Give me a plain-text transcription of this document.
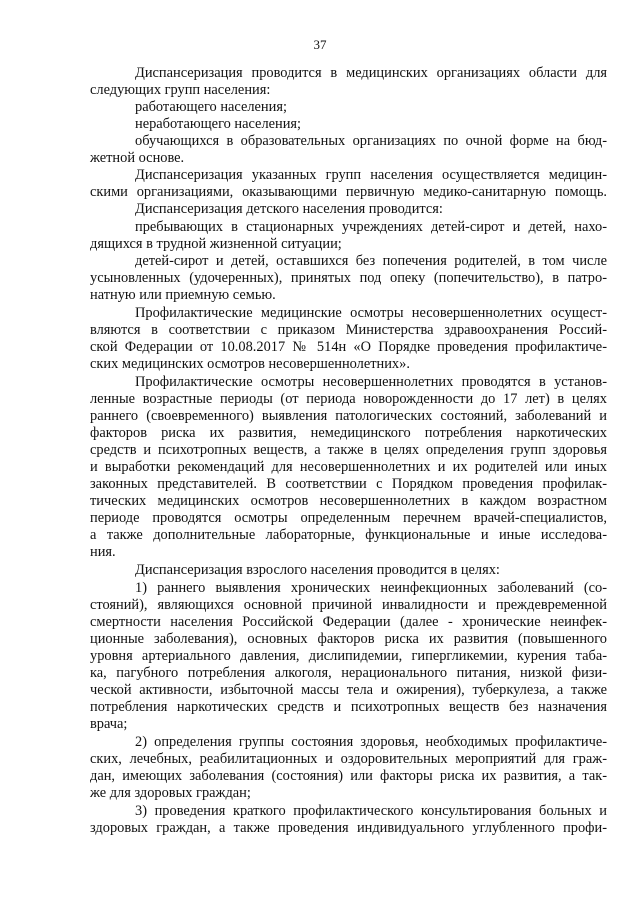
37
Диспансеризация проводится в медицинских организациях области для
следующих групп населения:
работающего населения;
неработающего населения;
обучающихся в образовательных организациях по очной форме на бюд-
жетной основе.
Диспансеризация указанных групп населения осуществляется медицин-
скими организациями, оказывающими первичную медико-санитарную помощь.
Диспансеризация детского населения проводится:
пребывающих в стационарных учреждениях детей-сирот и детей, нахо-
дящихся в трудной жизненной ситуации;
детей-сирот и детей, оставшихся без попечения родителей, в том числе
усыновленных (удочеренных), принятых под опеку (попечительство), в патро-
натную или приемную семью.
Профилактические медицинские осмотры несовершеннолетних осущест-
вляются в соответствии с приказом Министерства здравоохранения Россий-
ской Федерации от 10.08.2017 № 514н «О Порядке проведения профилактиче-
ских медицинских осмотров несовершеннолетних».
Профилактические осмотры несовершеннолетних проводятся в установ-
ленные возрастные периоды (от периода новорожденности до 17 лет) в целях
раннего (своевременного) выявления патологических состояний, заболеваний и
факторов риска их развития, немедицинского потребления наркотических
средств и психотропных веществ, а также в целях определения групп здоровья
и выработки рекомендаций для несовершеннолетних и их родителей или иных
законных представителей. В соответствии с Порядком проведения профилак-
тических медицинских осмотров несовершеннолетних в каждом возрастном
периоде проводятся осмотры определенным перечнем врачей-специалистов,
а также дополнительные лабораторные, функциональные и иные исследова-
ния.
Диспансеризация взрослого населения проводится в целях:
1) раннего выявления хронических неинфекционных заболеваний (со-
стояний), являющихся основной причиной инвалидности и преждевременной
смертности населения Российской Федерации (далее - хронические неинфек-
ционные заболевания), основных факторов риска их развития (повышенного
уровня артериального давления, дислипидемии, гипергликемии, курения таба-
ка, пагубного потребления алкоголя, нерационального питания, низкой физи-
ческой активности, избыточной массы тела и ожирения), туберкулеза, а также
потребления наркотических средств и психотропных веществ без назначения
врача;
2) определения группы состояния здоровья, необходимых профилактиче-
ских, лечебных, реабилитационных и оздоровительных мероприятий для граж-
дан, имеющих заболевания (состояния) или факторы риска их развития, а так-
же для здоровых граждан;
3) проведения краткого профилактического консультирования больных и
здоровых граждан, а также проведения индивидуального углубленного профи-
